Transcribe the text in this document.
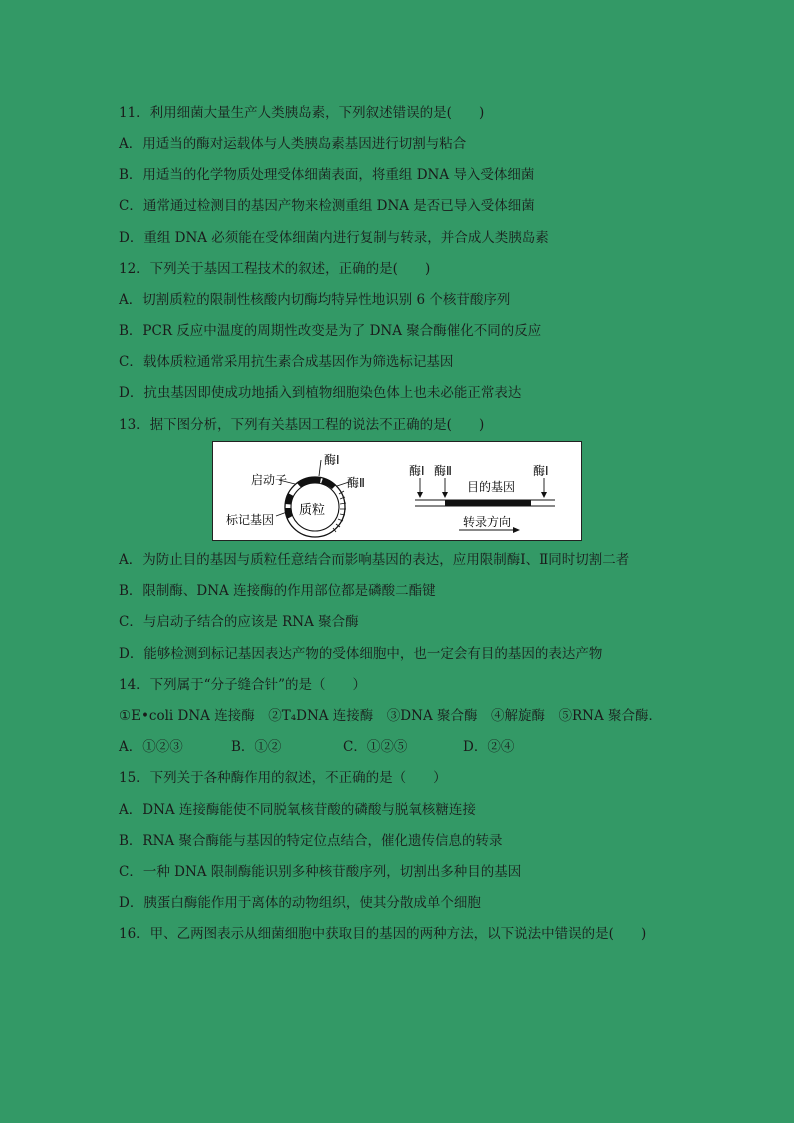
11．利用细菌大量生产人类胰岛素，下列叙述错误的是(　　)
A．用适当的酶对运载体与人类胰岛素基因进行切割与粘合
B．用适当的化学物质处理受体细菌表面，将重组 DNA 导入受体细菌
C．通常通过检测目的基因产物来检测重组 DNA 是否已导入受体细菌
D．重组 DNA 必须能在受体细菌内进行复制与转录，并合成人类胰岛素
12．下列关于基因工程技术的叙述，正确的是(　　)
A．切割质粒的限制性核酸内切酶均特异性地识别 6 个核苷酸序列
B．PCR 反应中温度的周期性改变是为了 DNA 聚合酶催化不同的反应
C．载体质粒通常采用抗生素合成基因作为筛选标记基因
D．抗虫基因即使成功地插入到植物细胞染色体上也未必能正常表达
13．据下图分析，下列有关基因工程的说法不正确的是(　　)
启动子
酶Ⅰ
酶Ⅱ
质粒
标记基因
酶Ⅰ 酶Ⅱ
目的基因
酶Ⅰ
转录方向
A．为防止目的基因与质粒任意结合而影响基因的表达，应用限制酶Ⅰ、Ⅱ同时切割二者
B．限制酶、DNA 连接酶的作用部位都是磷酸二酯键
C．与启动子结合的应该是 RNA 聚合酶
D．能够检测到标记基因表达产物的受体细胞中，也一定会有目的基因的表达产物
14．下列属于“分子缝合针”的是（　　）
①E•coli DNA 连接酶　②T₄DNA 连接酶　③DNA 聚合酶　④解旋酶　⑤RNA 聚合酶．
A．①②③	B．①②	C．①②⑤	D．②④
15．下列关于各种酶作用的叙述，不正确的是（　　）
A．DNA 连接酶能使不同脱氧核苷酸的磷酸与脱氧核糖连接
B．RNA 聚合酶能与基因的特定位点结合，催化遗传信息的转录
C．一种 DNA 限制酶能识别多种核苷酸序列，切割出多种目的基因
D．胰蛋白酶能作用于离体的动物组织，使其分散成单个细胞
16．甲、乙两图表示从细菌细胞中获取目的基因的两种方法，以下说法中错误的是(　　)
